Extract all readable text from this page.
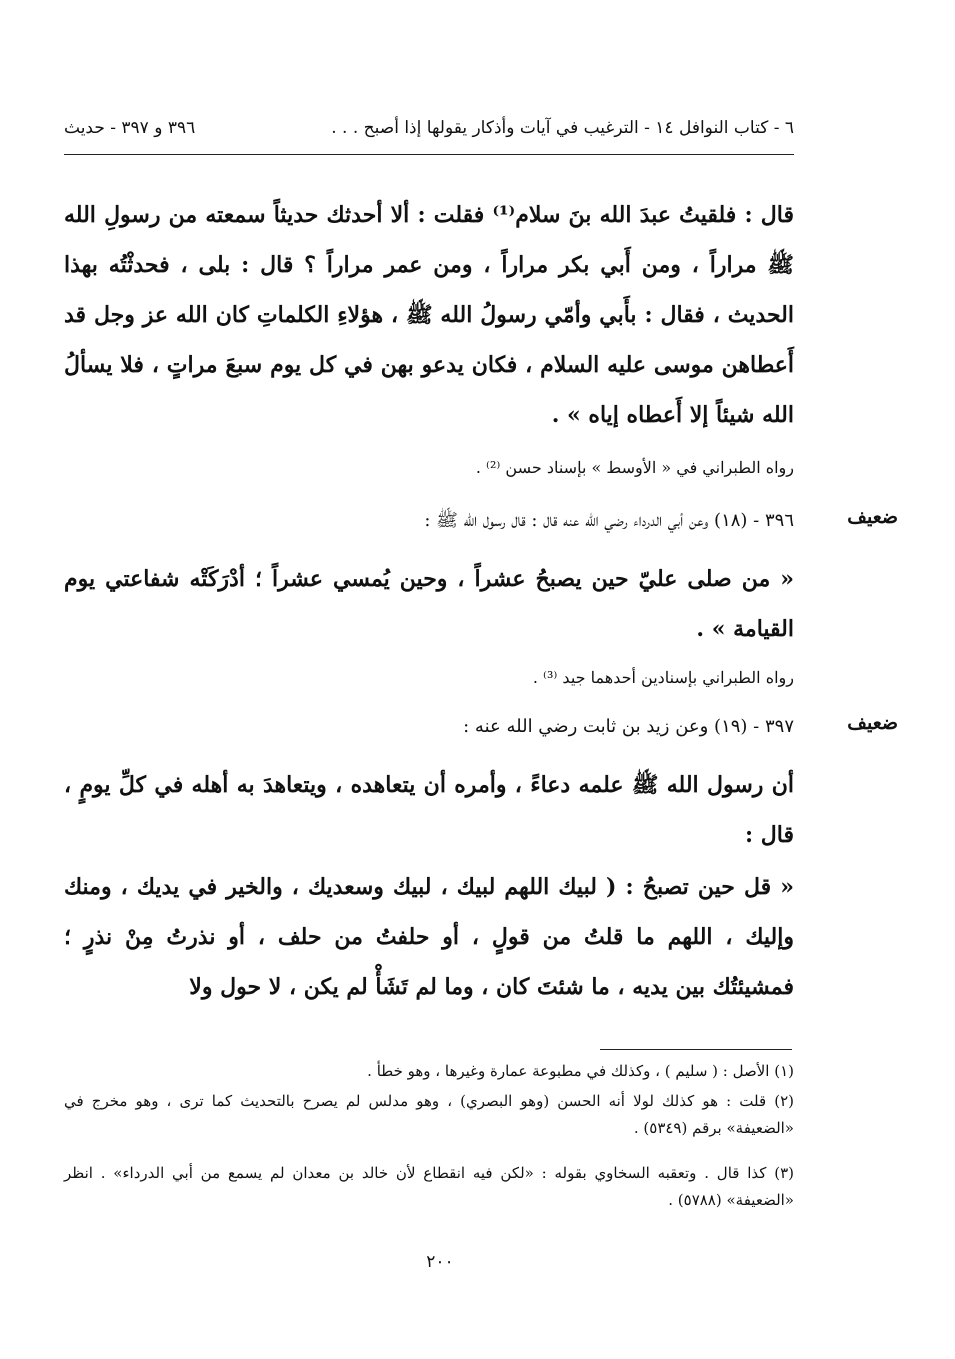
٦ - كتاب النوافل ١٤ - الترغيب في آيات وأذكار يقولها إذا أصبح . . .
٣٩٦ و ٣٩٧ - حديث
قال : فلقيتُ عبدَ الله بنَ سلام⁽¹⁾ فقلت : ألا أحدثك حديثاً سمعته من رسولِ الله ﷺ مراراً ، ومن أَبي بكر مراراً ، ومن عمر مراراً ؟ قال : بلى ، فحدثْتُه بهذا الحديث ، فقال : بأَبي وأمّي رسولُ الله ﷺ ، هؤلاءِ الكلماتِ كان الله عز وجل قد أَعطاهن موسى عليه السلام ، فكان يدعو بهن في كل يوم سبعَ مراتٍ ، فلا يسألُ الله شيئاً إلا أَعطاه إياه » .
رواه الطبراني في « الأوسط » بإسناد حسن ⁽²⁾ .
ضعيف
٣٩٦ - (١٨) وعن أبي الدرداء رضي الله عنه قال : قال رسول الله ﷺ :
« من صلى عليّ حين يصبحُ عشراً ، وحين يُمسي عشراً ؛ أدْرَكَتْه شفاعتي يوم القيامة » .
رواه الطبراني بإسنادين أحدهما جيد ⁽³⁾ .
ضعيف
٣٩٧ - (١٩) وعن زيد بن ثابت رضي الله عنه :
أن رسول الله ﷺ علمه دعاءً ، وأمره أن يتعاهده ، ويتعاهدَ به أهله في كلِّ يومٍ ، قال :
« قل حين تصبحُ : ( لبيك اللهم لبيك ، لبيك وسعديك ، والخير في يديك ، ومنك وإليك ، اللهم ما قلتُ من قولٍ ، أو حلفتُ من حلف ، أو نذرتُ مِنْ نذرٍ ؛ فمشيئتُك بين يديه ، ما شئتَ كان ، وما لم تَشَأْ لم يكن ، لا حول ولا
(١) الأصل : ( سليم ) ، وكذلك في مطبوعة عمارة وغيرها ، وهو خطأ .
(٢) قلت : هو كذلك لولا أنه الحسن (وهو البصري) ، وهو مدلس لم يصرح بالتحديث كما ترى ، وهو مخرج في «الضعيفة» برقم (٥٣٤٩) .
(٣) كذا قال . وتعقبه السخاوي بقوله : «لكن فيه انقطاع لأن خالد بن معدان لم يسمع من أبي الدرداء» . انظر «الضعيفة» (٥٧٨٨) .
٢٠٠
